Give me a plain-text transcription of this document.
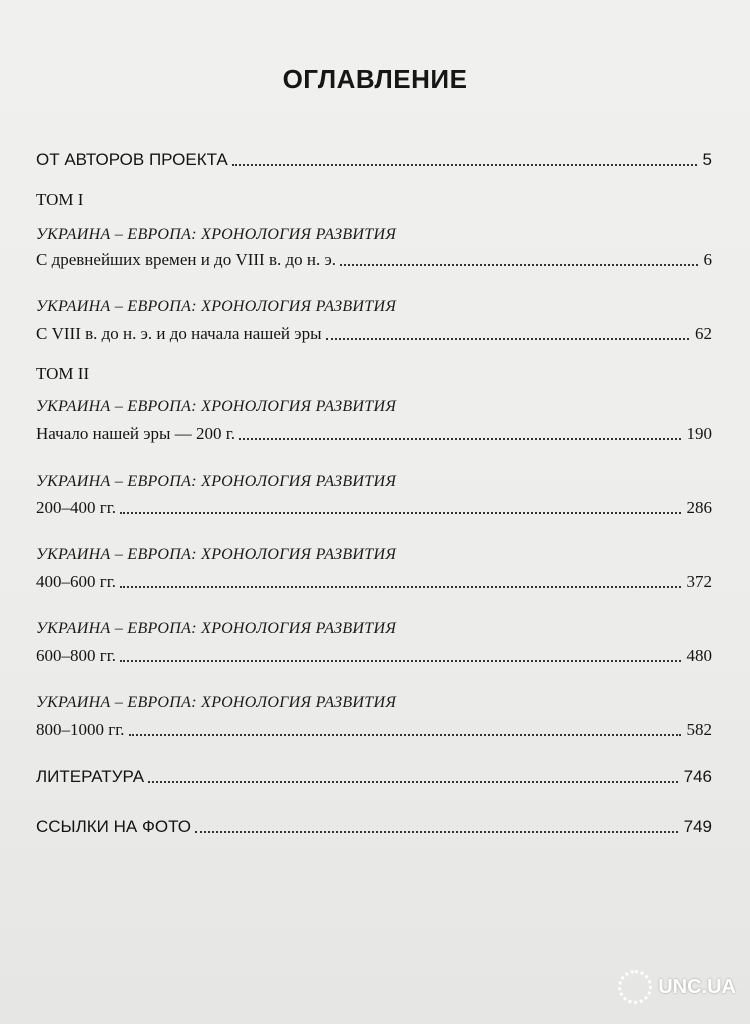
ОГЛАВЛЕНИЕ
ОТ АВТОРОВ ПРОЕКТА	5
ТОМ I
УКРАИНА – ЕВРОПА: ХРОНОЛОГИЯ РАЗВИТИЯ
С древнейших времен и до VIII в. до н. э.	6
УКРАИНА – ЕВРОПА: ХРОНОЛОГИЯ РАЗВИТИЯ
С VIII в. до н. э. и до начала нашей эры	62
ТОМ II
УКРАИНА – ЕВРОПА: ХРОНОЛОГИЯ РАЗВИТИЯ
Начало нашей эры — 200 г.	190
УКРАИНА – ЕВРОПА: ХРОНОЛОГИЯ РАЗВИТИЯ
200–400 гг.	286
УКРАИНА – ЕВРОПА: ХРОНОЛОГИЯ РАЗВИТИЯ
400–600 гг.	372
УКРАИНА – ЕВРОПА: ХРОНОЛОГИЯ РАЗВИТИЯ
600–800 гг.	480
УКРАИНА – ЕВРОПА: ХРОНОЛОГИЯ РАЗВИТИЯ
800–1000 гг.	582
ЛИТЕРАТУРА	746
ССЫЛКИ НА ФОТО	749
UNC.UA
